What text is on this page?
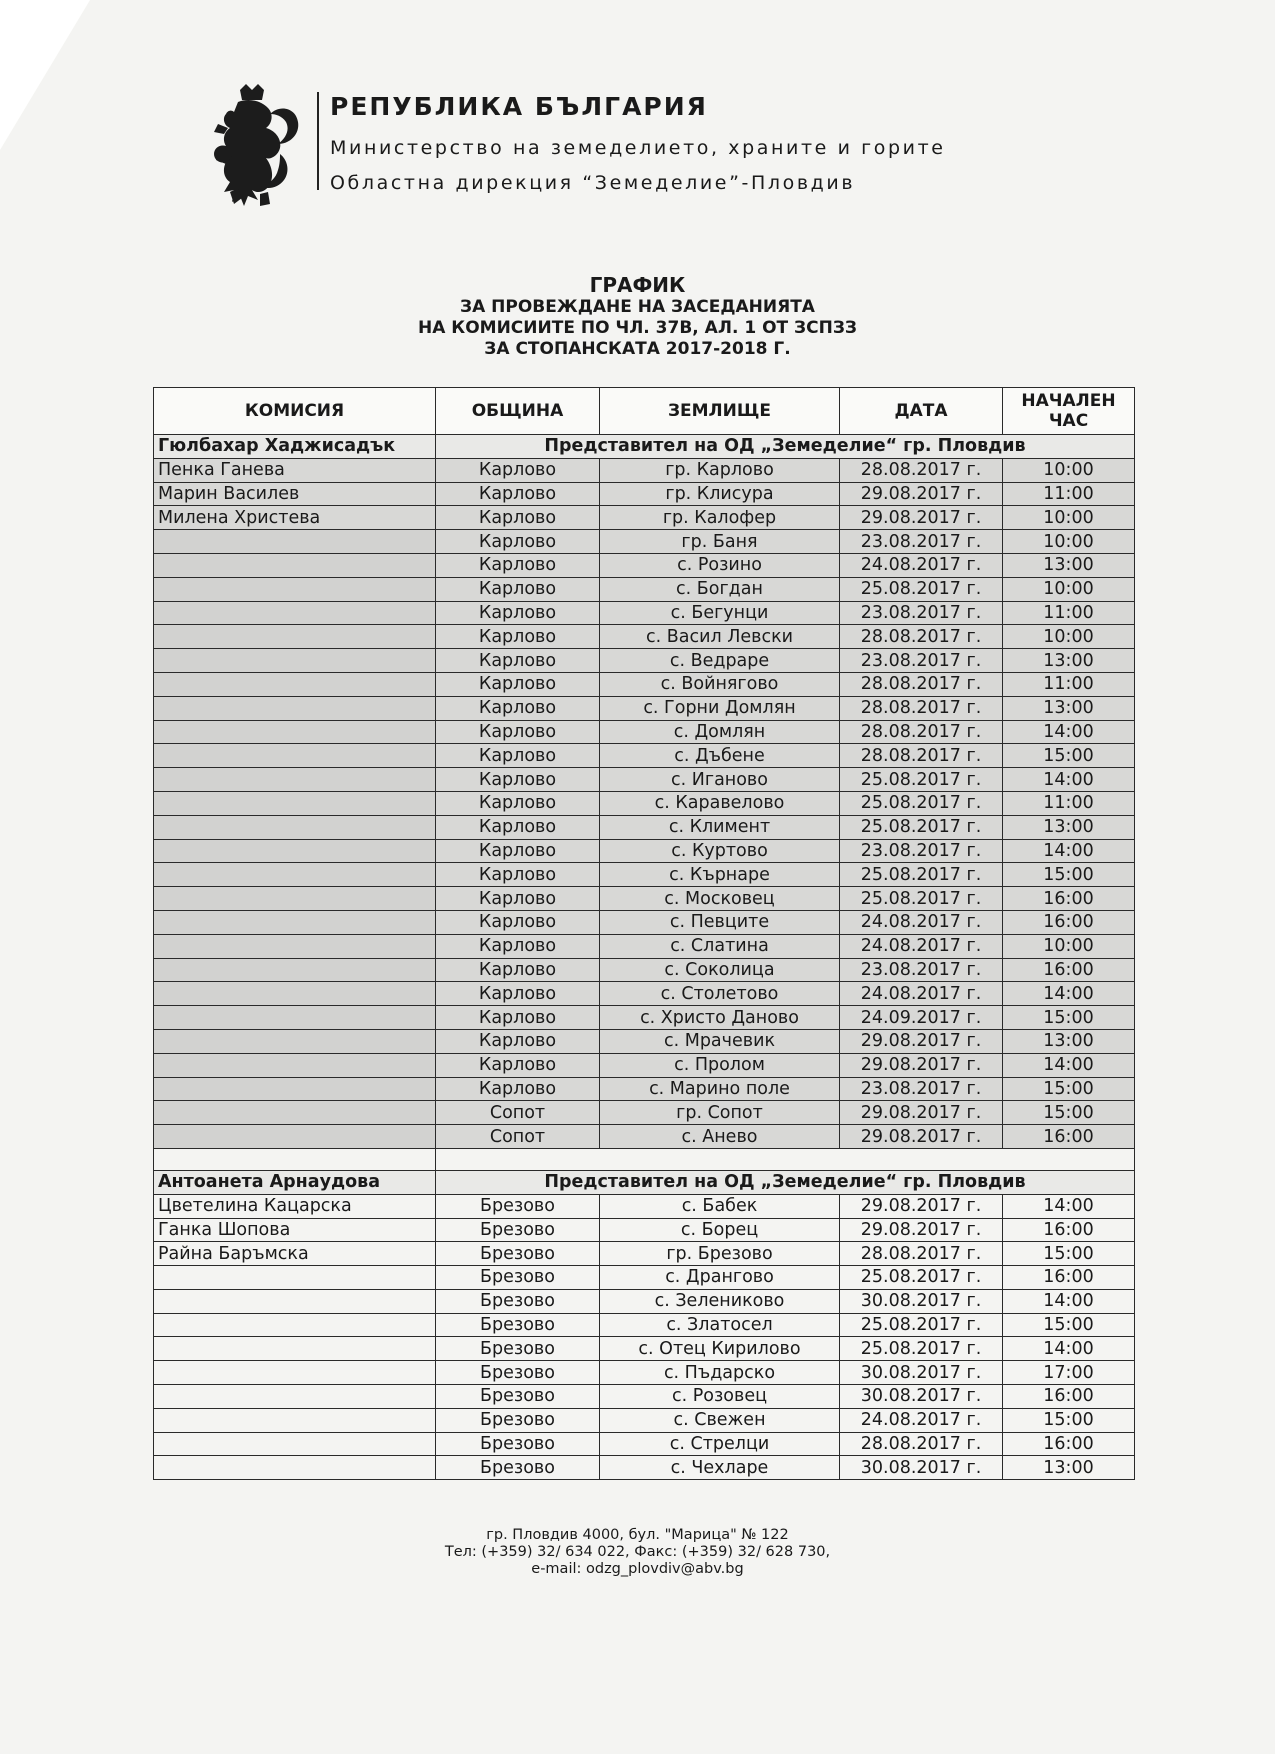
РЕПУБЛИКА БЪЛГАРИЯ
Министерство на земеделието, храните и горите
Областна дирекция “Земеделие”-Пловдив
ГРАФИК
ЗА ПРОВЕЖДАНЕ НА ЗАСЕДАНИЯТА
НА КОМИСИИТЕ ПО ЧЛ. 37В, АЛ. 1 ОТ ЗСПЗЗ
ЗА СТОПАНСКАТА 2017-2018 Г.
КОМИСИЯ	ОБЩИНА	ЗЕМЛИЩЕ	ДАТА	НАЧАЛЕН ЧАС
Гюлбахар Хаджисадък	Представител на ОД „Земеделие“ гр. Пловдив			
Пенка Ганева	Карлово	гр. Карлово	28.08.2017 г.	10:00
Марин Василев	Карлово	гр. Клисура	29.08.2017 г.	11:00
Милена Христева	Карлово	гр. Калофер	29.08.2017 г.	10:00
	Карлово	гр. Баня	23.08.2017 г.	10:00
	Карлово	с. Розино	24.08.2017 г.	13:00
	Карлово	с. Богдан	25.08.2017 г.	10:00
	Карлово	с. Бегунци	23.08.2017 г.	11:00
	Карлово	с. Васил Левски	28.08.2017 г.	10:00
	Карлово	с. Ведраре	23.08.2017 г.	13:00
	Карлово	с. Войнягово	28.08.2017 г.	11:00
	Карлово	с. Горни Домлян	28.08.2017 г.	13:00
	Карлово	с. Домлян	28.08.2017 г.	14:00
	Карлово	с. Дъбене	28.08.2017 г.	15:00
	Карлово	с. Иганово	25.08.2017 г.	14:00
	Карлово	с. Каравелово	25.08.2017 г.	11:00
	Карлово	с. Климент	25.08.2017 г.	13:00
	Карлово	с. Куртово	23.08.2017 г.	14:00
	Карлово	с. Кърнаре	25.08.2017 г.	15:00
	Карлово	с. Московец	25.08.2017 г.	16:00
	Карлово	с. Певците	24.08.2017 г.	16:00
	Карлово	с. Слатина	24.08.2017 г.	10:00
	Карлово	с. Соколица	23.08.2017 г.	16:00
	Карлово	с. Столетово	24.08.2017 г.	14:00
	Карлово	с. Христо Даново	24.09.2017 г.	15:00
	Карлово	с. Мрачевик	29.08.2017 г.	13:00
	Карлово	с. Пролом	29.08.2017 г.	14:00
	Карлово	с. Марино поле	23.08.2017 г.	15:00
	Сопот	гр. Сопот	29.08.2017 г.	15:00
	Сопот	с. Анево	29.08.2017 г.	16:00

Антоанета Арнаудова	Представител на ОД „Земеделие“ гр. Пловдив			
Цветелина Кацарска	Брезово	с. Бабек	29.08.2017 г.	14:00
Ганка Шопова	Брезово	с. Борец	29.08.2017 г.	16:00
Райна Баръмска	Брезово	гр. Брезово	28.08.2017 г.	15:00
	Брезово	с. Дрангово	25.08.2017 г.	16:00
	Брезово	с. Зелениково	30.08.2017 г.	14:00
	Брезово	с. Златосел	25.08.2017 г.	15:00
	Брезово	с. Отец Кирилово	25.08.2017 г.	14:00
	Брезово	с. Пъдарско	30.08.2017 г.	17:00
	Брезово	с. Розовец	30.08.2017 г.	16:00
	Брезово	с. Свежен	24.08.2017 г.	15:00
	Брезово	с. Стрелци	28.08.2017 г.	16:00
	Брезово	с. Чехларе	30.08.2017 г.	13:00
гр. Пловдив 4000, бул. "Марица" № 122
Тел: (+359) 32/ 634 022, Факс: (+359) 32/ 628 730,
e-mail: odzg_plovdiv@abv.bg
